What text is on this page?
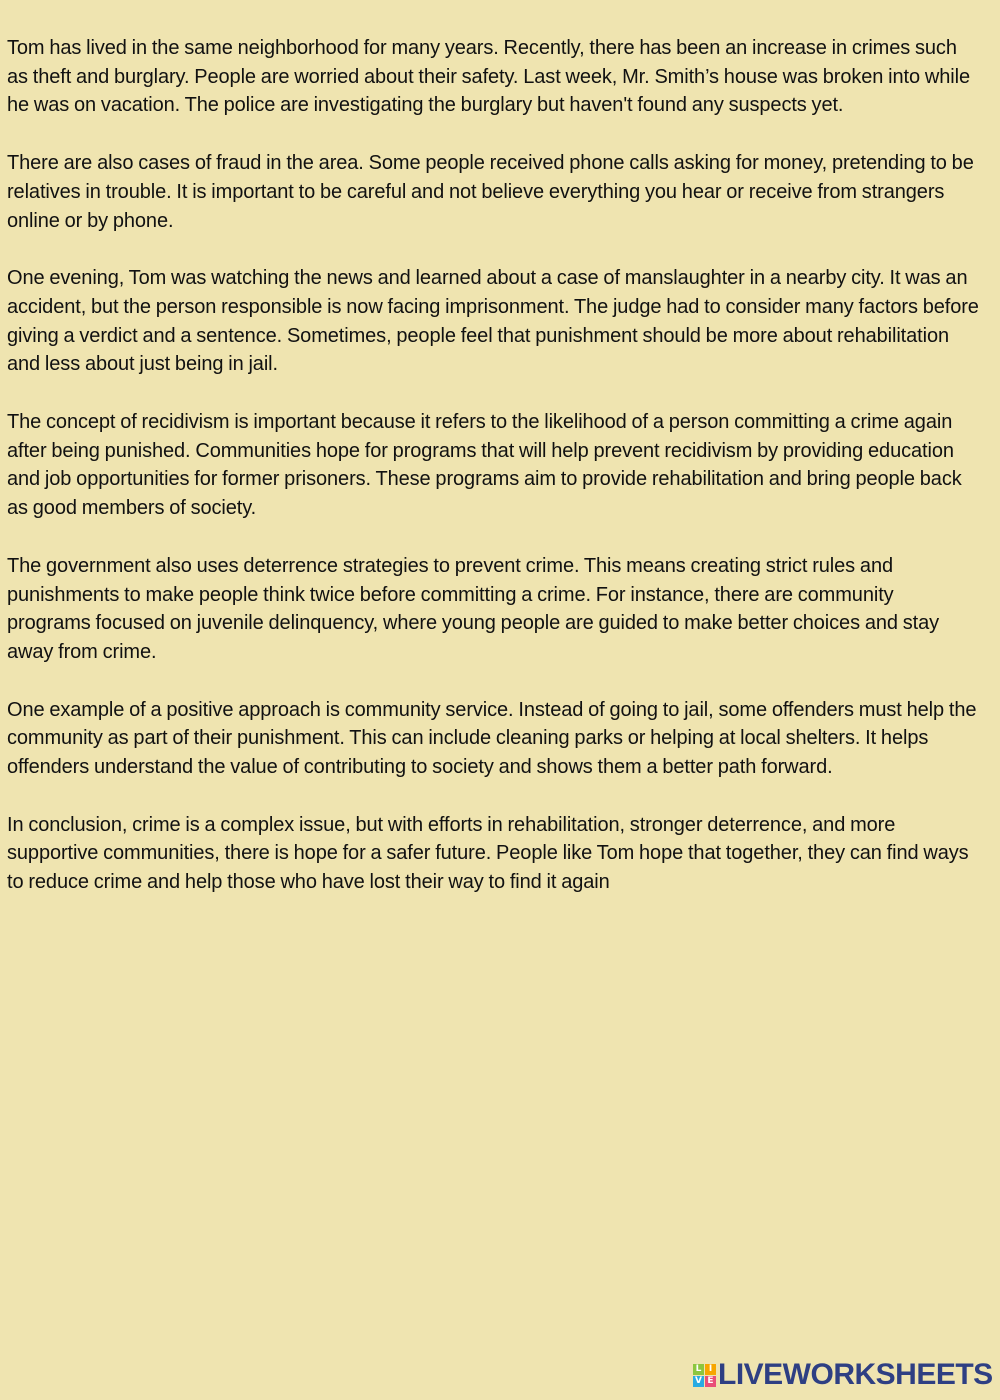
Tom has lived in the same neighborhood for many years. Recently, there has been an increase in crimes such as theft and burglary. People are worried about their safety. Last week, Mr. Smith’s house was broken into while he was on vacation. The police are investigating the burglary but haven't found any suspects yet.

There are also cases of fraud in the area. Some people received phone calls asking for money, pretending to be relatives in trouble. It is important to be careful and not believe everything you hear or receive from strangers online or by phone.

One evening, Tom was watching the news and learned about a case of manslaughter in a nearby city. It was an accident, but the person responsible is now facing imprisonment. The judge had to consider many factors before giving a verdict and a sentence. Sometimes, people feel that punishment should be more about rehabilitation and less about just being in jail.

The concept of recidivism is important because it refers to the likelihood of a person committing a crime again after being punished. Communities hope for programs that will help prevent recidivism by providing education and job opportunities for former prisoners. These programs aim to provide rehabilitation and bring people back as good members of society.

The government also uses deterrence strategies to prevent crime. This means creating strict rules and punishments to make people think twice before committing a crime. For instance, there are community programs focused on juvenile delinquency, where young people are guided to make better choices and stay away from crime.

One example of a positive approach is community service. Instead of going to jail, some offenders must help the community as part of their punishment. This can include cleaning parks or helping at local shelters. It helps offenders understand the value of contributing to society and shows them a better path forward.

In conclusion, crime is a complex issue, but with efforts in rehabilitation, stronger deterrence, and more supportive communities, there is hope for a safer future. People like Tom hope that together, they can find ways to reduce crime and help those who have lost their way to find it again

L I
V E LIVEWORKSHEETS
